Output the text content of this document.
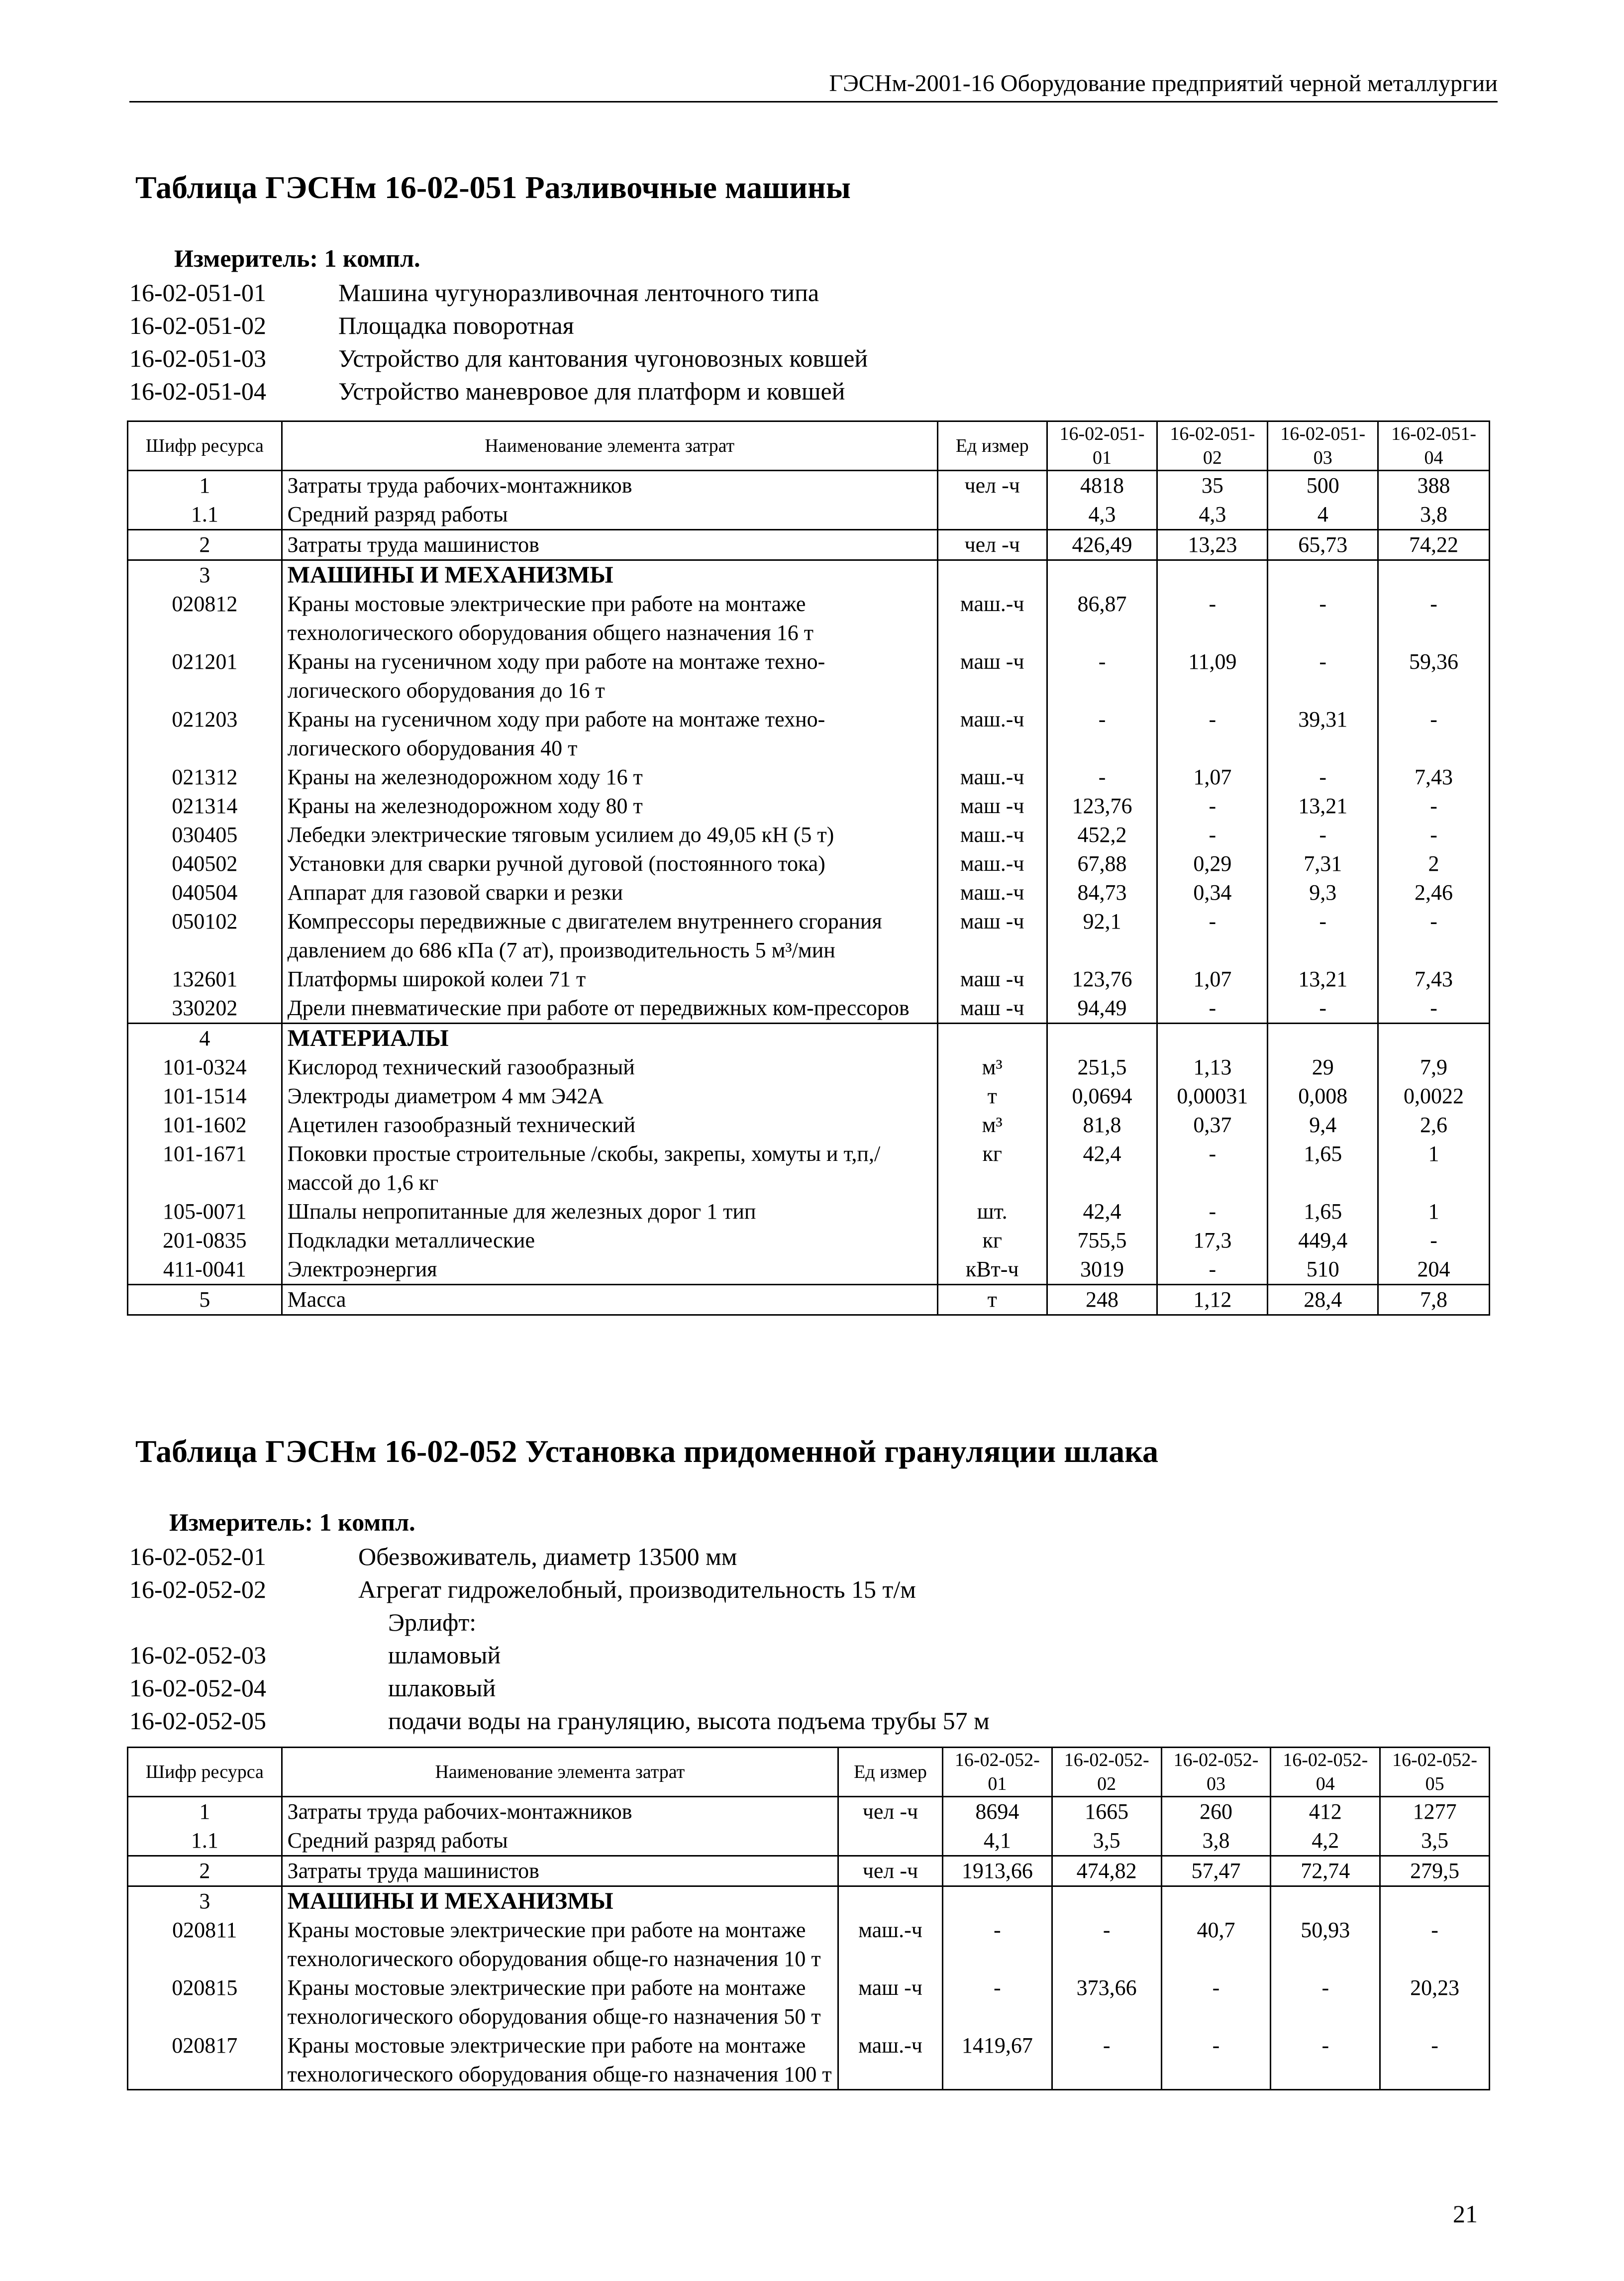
ГЭСНм-2001-16 Оборудование предприятий черной металлургии
Таблица ГЭСНм 16-02-051 Разливочные машины
Измеритель: 1 компл.
16-02-051-01	Машина чугуноразливочная ленточного типа
16-02-051-02	Площадка поворотная
16-02-051-03	Устройство для кантования чугоновозных ковшей
16-02-051-04	Устройство маневровое для платформ и ковшей
Шифр ресурса	Наименование элемента затрат	Ед измер	16-02-051-01	16-02-051-02	16-02-051-03	16-02-051-04
1	Затраты труда рабочих-монтажников	чел -ч	4818	35	500	388
1.1	Средний разряд работы		4,3	4,3	4	3,8
2	Затраты труда машинистов	чел -ч	426,49	13,23	65,73	74,22
3	МАШИНЫ И МЕХАНИЗМЫ					
020812	Краны мостовые электрические при работе на монтаже технологического оборудования общего назначения 16 т	маш.-ч	86,87	-	-	-
021201	Краны на гусеничном ходу при работе на монтаже техно-логического оборудования до 16 т	маш -ч	-	11,09	-	59,36
021203	Краны на гусеничном ходу при работе на монтаже техно-логического оборудования 40 т	маш.-ч	-	-	39,31	-
021312	Краны на железнодорожном ходу 16 т	маш.-ч	-	1,07	-	7,43
021314	Краны на железнодорожном ходу 80 т	маш -ч	123,76	-	13,21	-
030405	Лебедки электрические тяговым усилием до 49,05 кН (5 т)	маш.-ч	452,2	-	-	-
040502	Установки для сварки ручной дуговой (постоянного тока)	маш.-ч	67,88	0,29	7,31	2
040504	Аппарат для газовой сварки и резки	маш.-ч	84,73	0,34	9,3	2,46
050102	Компрессоры передвижные с двигателем внутреннего сгорания давлением до 686 кПа (7 ат), производительность 5 м³/мин	маш -ч	92,1	-	-	-
132601	Платформы широкой колеи 71 т	маш -ч	123,76	1,07	13,21	7,43
330202	Дрели пневматические при работе от передвижных ком-прессоров	маш -ч	94,49	-	-	-
4	МАТЕРИАЛЫ					
101-0324	Кислород технический газообразный	м³	251,5	1,13	29	7,9
101-1514	Электроды диаметром 4 мм Э42А	т	0,0694	0,00031	0,008	0,0022
101-1602	Ацетилен газообразный технический	м³	81,8	0,37	9,4	2,6
101-1671	Поковки простые строительные /скобы, закрепы, хомуты и т,п,/ массой до 1,6 кг	кг	42,4	-	1,65	1
105-0071	Шпалы непропитанные для железных дорог 1 тип	шт.	42,4	-	1,65	1
201-0835	Подкладки металлические	кг	755,5	17,3	449,4	-
411-0041	Электроэнергия	кВт-ч	3019	-	510	204
5	Масса	т	248	1,12	28,4	7,8
Таблица ГЭСНм 16-02-052 Установка придоменной грануляции шлака
Измеритель: 1 компл.
16-02-052-01	Обезвоживатель, диаметр 13500 мм
16-02-052-02	Агрегат гидрожелобный, производительность 15 т/м
Эрлифт:
16-02-052-03	шламовый
16-02-052-04	шлаковый
16-02-052-05	подачи воды на грануляцию, высота подъема трубы 57 м
Шифр ресурса	Наименование элемента затрат	Ед измер	16-02-052-01	16-02-052-02	16-02-052-03	16-02-052-04	16-02-052-05
1	Затраты труда рабочих-монтажников	чел -ч	8694	1665	260	412	1277
1.1	Средний разряд работы		4,1	3,5	3,8	4,2	3,5
2	Затраты труда машинистов	чел -ч	1913,66	474,82	57,47	72,74	279,5
3	МАШИНЫ И МЕХАНИЗМЫ						
020811	Краны мостовые электрические при работе на монтаже технологического оборудования обще-го назначения 10 т	маш.-ч	-	-	40,7	50,93	-
020815	Краны мостовые электрические при работе на монтаже технологического оборудования обще-го назначения 50 т	маш -ч	-	373,66	-	-	20,23
020817	Краны мостовые электрические при работе на монтаже технологического оборудования обще-го назначения 100 т	маш.-ч	1419,67	-	-	-	-
21
